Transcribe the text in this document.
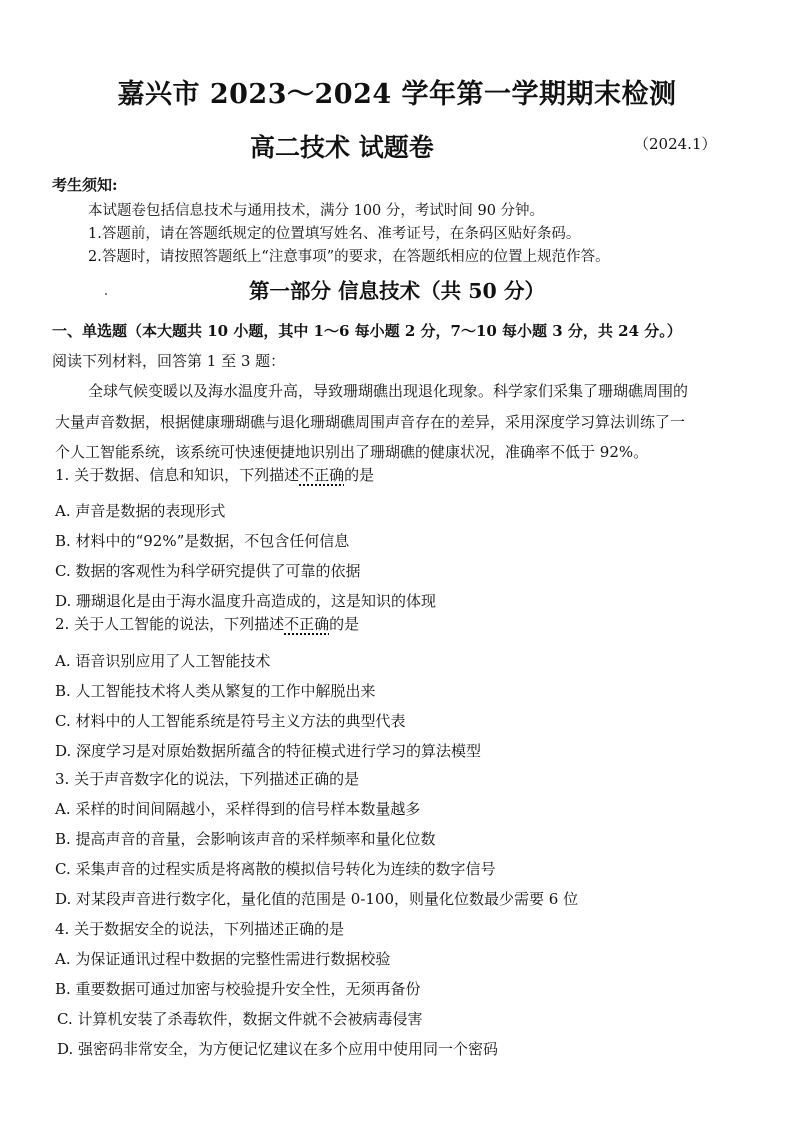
嘉兴市 2023～2024 学年第一学期期末检测
高二技术 试题卷	（2024.1）
考生须知:
本试题卷包括信息技术与通用技术，满分 100 分，考试时间 90 分钟。
1.答题前，请在答题纸规定的位置填写姓名、准考证号，在条码区贴好条码。
2.答题时，请按照答题纸上“注意事项”的要求，在答题纸相应的位置上规范作答。
第一部分 信息技术（共 50 分）
一、单选题（本大题共 10 小题，其中 1～6 每小题 2 分，7～10 每小题 3 分，共 24 分。）
阅读下列材料，回答第 1 至 3 题：
全球气候变暖以及海水温度升高，导致珊瑚礁出现退化现象。科学家们采集了珊瑚礁周围的
大量声音数据，根据健康珊瑚礁与退化珊瑚礁周围声音存在的差异，采用深度学习算法训练了一
个人工智能系统，该系统可快速便捷地识别出了珊瑚礁的健康状况，准确率不低于 92%。
1. 关于数据、信息和知识，下列描述不正确的是
A. 声音是数据的表现形式
B. 材料中的“92%”是数据，不包含任何信息
C. 数据的客观性为科学研究提供了可靠的依据
D. 珊瑚退化是由于海水温度升高造成的，这是知识的体现
2. 关于人工智能的说法，下列描述不正确的是
A. 语音识别应用了人工智能技术
B. 人工智能技术将人类从繁复的工作中解脱出来
C. 材料中的人工智能系统是符号主义方法的典型代表
D. 深度学习是对原始数据所蕴含的特征模式进行学习的算法模型
3. 关于声音数字化的说法，下列描述正确的是
A. 采样的时间间隔越小，采样得到的信号样本数量越多
B. 提高声音的音量，会影响该声音的采样频率和量化位数
C. 采集声音的过程实质是将离散的模拟信号转化为连续的数字信号
D. 对某段声音进行数字化，量化值的范围是 0-100，则量化位数最少需要 6 位
4. 关于数据安全的说法，下列描述正确的是
A. 为保证通讯过程中数据的完整性需进行数据校验
B. 重要数据可通过加密与校验提升安全性，无须再备份
C. 计算机安装了杀毒软件，数据文件就不会被病毒侵害
D. 强密码非常安全，为方便记忆建议在多个应用中使用同一个密码
